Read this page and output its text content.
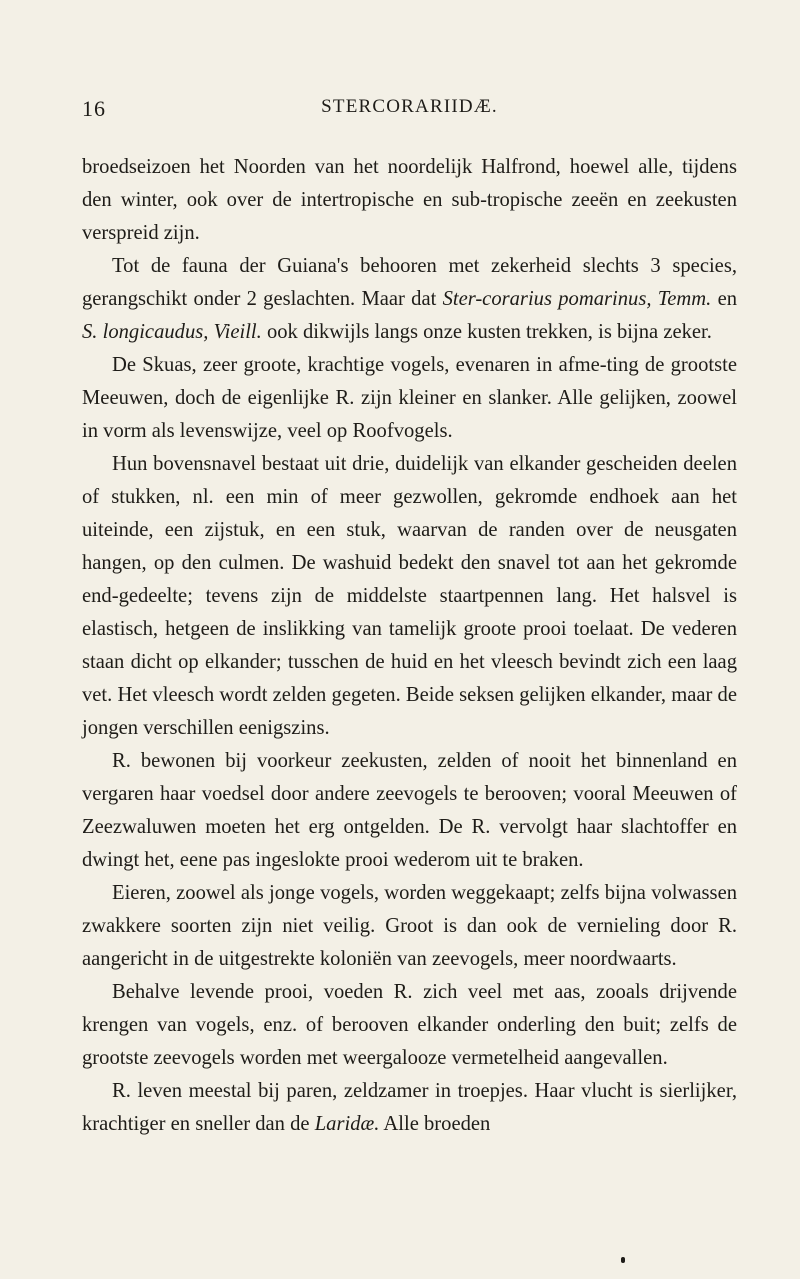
16	STERCORARIIDÆ.

broedseizoen het Noorden van het noordelijk Halfrond, hoewel alle, tijdens den winter, ook over de intertropische en sub-tropische zeeën en zeekusten verspreid zijn.

Tot de fauna der Guiana's behooren met zekerheid slechts 3 species, gerangschikt onder 2 geslachten. Maar dat Ster-corarius pomarinus, Temm. en S. longicaudus, Vieill. ook dikwijls langs onze kusten trekken, is bijna zeker.

De Skuas, zeer groote, krachtige vogels, evenaren in afme-ting de grootste Meeuwen, doch de eigenlijke R. zijn kleiner en slanker. Alle gelijken, zoowel in vorm als levenswijze, veel op Roofvogels.

Hun bovensnavel bestaat uit drie, duidelijk van elkander gescheiden deelen of stukken, nl. een min of meer gezwollen, gekromde endhoek aan het uiteinde, een zijstuk, en een stuk, waarvan de randen over de neusgaten hangen, op den culmen. De washuid bedekt den snavel tot aan het gekromde end-gedeelte; tevens zijn de middelste staartpennen lang. Het halsvel is elastisch, hetgeen de inslikking van tamelijk groote prooi toelaat. De vederen staan dicht op elkander; tusschen de huid en het vleesch bevindt zich een laag vet. Het vleesch wordt zelden gegeten. Beide seksen gelijken elkander, maar de jongen verschillen eenigszins.

R. bewonen bij voorkeur zeekusten, zelden of nooit het binnenland en vergaren haar voedsel door andere zeevogels te berooven; vooral Meeuwen of Zeezwaluwen moeten het erg ontgelden. De R. vervolgt haar slachtoffer en dwingt het, eene pas ingeslokte prooi wederom uit te braken.

Eieren, zoowel als jonge vogels, worden weggekaapt; zelfs bijna volwassen zwakkere soorten zijn niet veilig. Groot is dan ook de vernieling door R. aangericht in de uitgestrekte koloniën van zeevogels, meer noordwaarts.

Behalve levende prooi, voeden R. zich veel met aas, zooals drijvende krengen van vogels, enz. of berooven elkander onderling den buit; zelfs de grootste zeevogels worden met weergalooze vermetelheid aangevallen.

R. leven meestal bij paren, zeldzamer in troepjes. Haar vlucht is sierlijker, krachtiger en sneller dan de Laridæ. Alle broeden
